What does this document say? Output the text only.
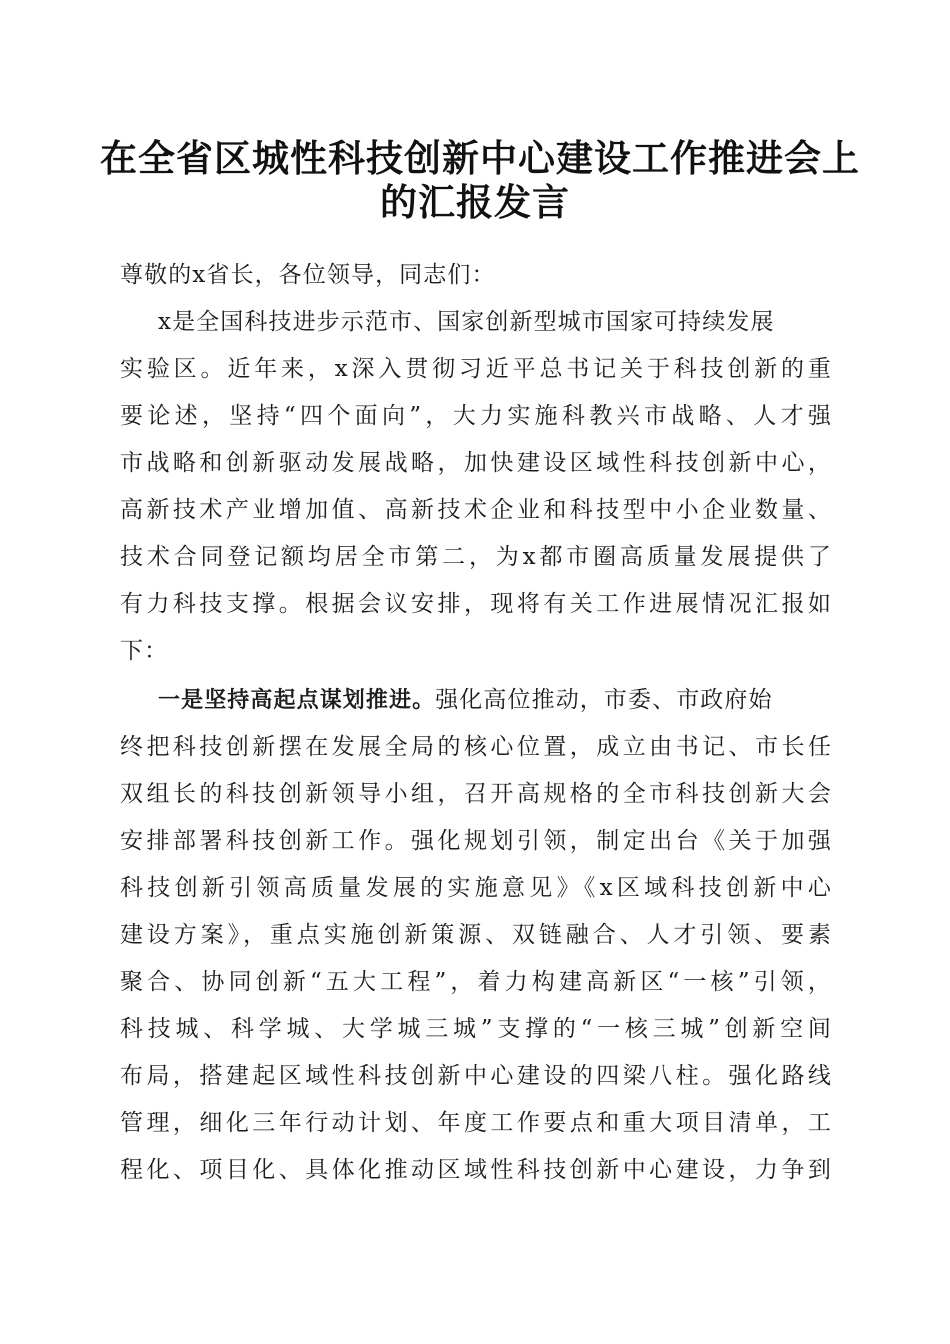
在全省区城性科技创新中心建设工作推进会上
的汇报发言
尊敬的x省长，各位领导，同志们：
x是全国科技进步示范市、国家创新型城市国家可持续发展
实验区。近年来，x深入贯彻习近平总书记关于科技创新的重
要论述，坚持“四个面向”，大力实施科教兴市战略、人才强
市战略和创新驱动发展战略，加快建设区域性科技创新中心，
高新技术产业增加值、高新技术企业和科技型中小企业数量、
技术合同登记额均居全市第二，为x都市圈高质量发展提供了
有力科技支撑。根据会议安排，现将有关工作进展情况汇报如
下：
一是坚持高起点谋划推进。强化高位推动，市委、市政府始
终把科技创新摆在发展全局的核心位置，成立由书记、市长任
双组长的科技创新领导小组，召开高规格的全市科技创新大会
安排部署科技创新工作。强化规划引领，制定出台《关于加强
科技创新引领高质量发展的实施意见》《x区域科技创新中心
建设方案》，重点实施创新策源、双链融合、人才引领、要素
聚合、协同创新“五大工程”，着力构建高新区“一核”引领，
科技城、科学城、大学城三城”支撑的“一核三城”创新空间
布局，搭建起区域性科技创新中心建设的四梁八柱。强化路线
管理，细化三年行动计划、年度工作要点和重大项目清单，工
程化、项目化、具体化推动区域性科技创新中心建设，力争到
